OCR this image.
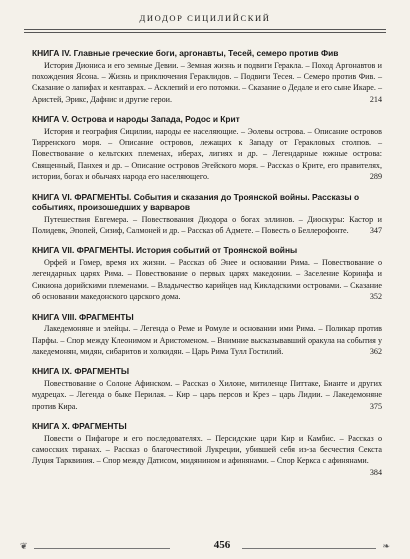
ДИОДОР СИЦИЛИЙСКИЙ
КНИГА IV. Главные греческие боги, аргонавты, Тесей, семеро против Фив
История Диониса и его земные Девии. – Земная жизнь и подвиги Геракла. – Поход Аргонавтов и похождения Ясона. – Жизнь и приключения Гераклидов. – Подвиги Тесея. – Семеро против Фив. – Сказание о лапифах и кентаврах. – Асклепий и его потомки. – Сказание о Дедале и его сыне Икаре. – Аристей, Эрикс, Дафнис и другие герои.	214
КНИГА V. Острова и народы Запада, Родос и Крит
История и география Сицилии, народы ее населяющие. – Эолевы острова. – Описание островов Тирренского моря. – Описание островов, лежащих к Западу от Геракловых столпов. – Повествование о кельтских племенах, иберах, лигиях и др. – Легендарные южные острова: Священный, Панхея и др. – Описание островов Эгейского моря. – Рассказ о Крите, его правителях, истории, богах и обычаях народа его населяющего.	289
КНИГА VI. ФРАГМЕНТЫ. События и сказания до Троянской войны. Рассказы о событиях, произошедших у варваров
Путешествия Евгемера. – Повествования Диодора о богах эллинов. – Диоскуры: Кастор и Полидевк, Эпопей, Сизиф, Салмоней и др. – Рассказ об Адмете. – Повесть о Беллерофонте.	347
КНИГА VII. ФРАГМЕНТЫ. История событий от Троянской войны
Орфей и Гомер, время их жизни. – Рассказ об Энее и основании Рима. – Повествование о легендарных царях Рима. – Повествование о первых царях македонии. – Заселение Коринфа и Сикиона дорийскими племенами. – Владычество карийцев над Кикладскими островами. – Сказание об основании македонского царского дома.	352
КНИГА VIII. ФРАГМЕНТЫ
Лакедемоняне и элейцы. – Легенда о Реме и Ромуле и основании ими Рима. – Поликар против Парфы. – Спор между Клеонимом и Аристоменом. – Внимние высказывавший оракула на события у лакедемонян, мидян, сибаритов и холкидян. – Царь Рима Тулл Гостилий.	362
КНИГА IX. ФРАГМЕНТЫ
Повествование о Солоне Афинском. – Рассказ о Хилоне, митиленце Питтаке, Бианте и других мудрецах. – Легенда о быке Перилая. – Кир – царь персов и Крез – царь Лидии. – Лакедемоняне против Кира.	375
КНИГА X. ФРАГМЕНТЫ
Повести о Пифагоре и его последователях. – Персидские цари Кир и Камбис. – Рассказ о самосских тиранах. – Рассказ о благочестивой Лукреции, убившей себя из-за бесчестия Секста Луция Тарквиния. – Спор между Датисом, мидянином и афинянами. – Спор Керкса с афинянами.
384
❦	456	❧
